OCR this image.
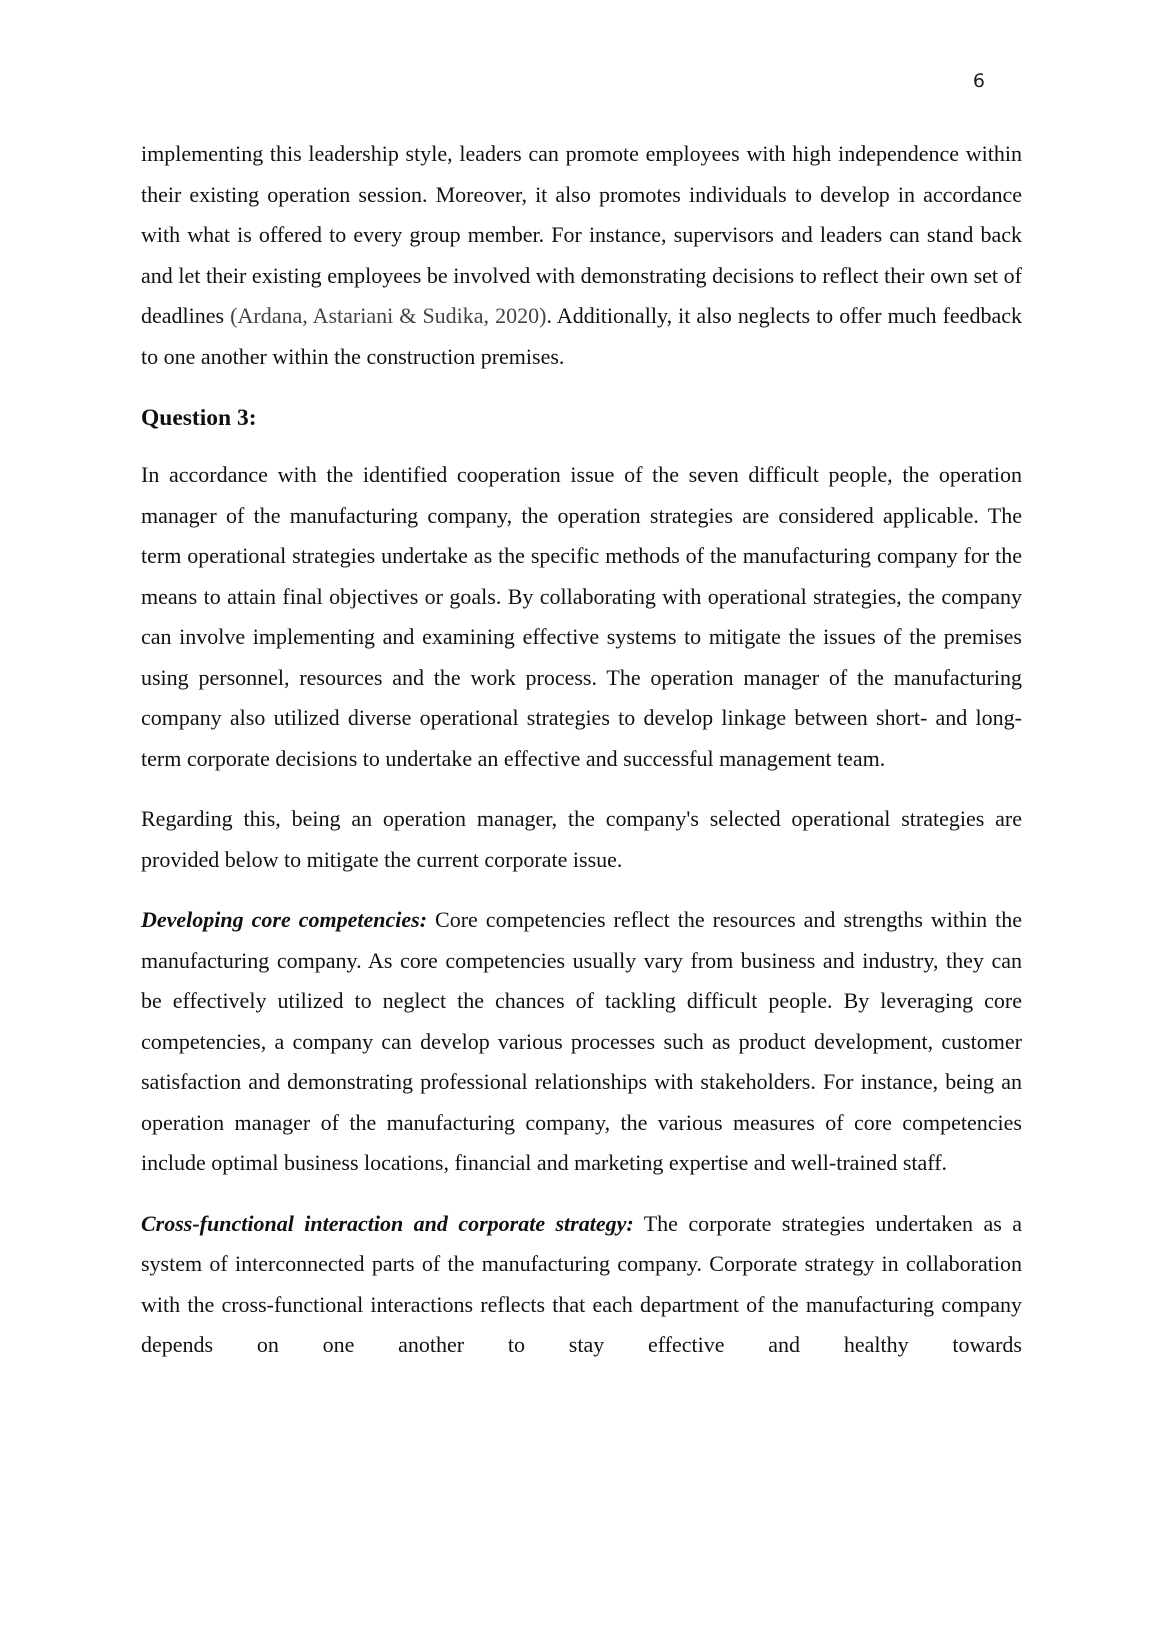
6

implementing this leadership style, leaders can promote employees with high independence within their existing operation session. Moreover, it also promotes individuals to develop in accordance with what is offered to every group member. For instance, supervisors and leaders can stand back and let their existing employees be involved with demonstrating decisions to reflect their own set of deadlines (Ardana, Astariani & Sudika, 2020). Additionally, it also neglects to offer much feedback to one another within the construction premises.

Question 3:

In accordance with the identified cooperation issue of the seven difficult people, the operation manager of the manufacturing company, the operation strategies are considered applicable. The term operational strategies undertake as the specific methods of the manufacturing company for the means to attain final objectives or goals. By collaborating with operational strategies, the company can involve implementing and examining effective systems to mitigate the issues of the premises using personnel, resources and the work process. The operation manager of the manufacturing company also utilized diverse operational strategies to develop linkage between short- and long-term corporate decisions to undertake an effective and successful management team.

Regarding this, being an operation manager, the company's selected operational strategies are provided below to mitigate the current corporate issue.

Developing core competencies: Core competencies reflect the resources and strengths within the manufacturing company. As core competencies usually vary from business and industry, they can be effectively utilized to neglect the chances of tackling difficult people. By leveraging core competencies, a company can develop various processes such as product development, customer satisfaction and demonstrating professional relationships with stakeholders. For instance, being an operation manager of the manufacturing company, the various measures of core competencies include optimal business locations, financial and marketing expertise and well-trained staff.

Cross-functional interaction and corporate strategy: The corporate strategies undertaken as a system of interconnected parts of the manufacturing company. Corporate strategy in collaboration with the cross-functional interactions reflects that each department of the manufacturing company depends on one another to stay effective and healthy towards
